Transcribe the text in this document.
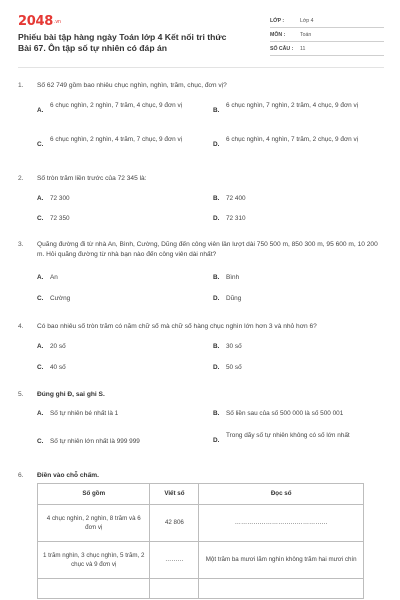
$2048^{.vn}$
Phiếu bài tập hàng ngày Toán lớp 4 Kết nối tri thức Bài 67. Ôn tập số tự nhiên có đáp án
LỚP :	Lớp 4
MÔN :	Toán
SỐ CÂU :	11
1. Số 62 749 gồm bao nhiêu chục nghìn, nghìn, trăm, chục, đơn vị?
A.
6 chục nghìn, 2 nghìn, 7 trăm, 4 chục, 9 đơn vị
B.
6 chục nghìn, 7 nghìn, 2 trăm, 4 chục, 9 đơn vị
C.
6 chục nghìn, 2 nghìn, 4 trăm, 7 chục, 9 đơn vị
D.
6 chục nghìn, 4 nghìn, 7 trăm, 2 chục, 9 đơn vị
2. Số tròn trăm liền trước của 72 345 là:
A. 72 300	B. 72 400
C. 72 350	D. 72 310
3. Quãng đường đi từ nhà An, Bình, Cường, Dũng đến công viên lần lượt dài 750 500 m, 850 300 m, 95 600 m, 10 200 m. Hỏi quãng đường từ nhà bạn nào đến công viên dài nhất?
A. An	B. Bình
C. Cường	D. Dũng
4. Có bao nhiêu số tròn trăm có năm chữ số mà chữ số hàng chục nghìn lớn hơn 3 và nhỏ hơn 6?
A. 20 số	B. 30 số
C. 40 số	D. 50 số
5. Đúng ghi Đ, sai ghi S.
A. Số tự nhiên bé nhất là 1	B. Số liền sau của số 500 000 là số 500 001
C. Số tự nhiên lớn nhất là 999 999	D.
Trong dãy số tự nhiên không có số lớn nhất
6. Điền vào chỗ chấm.
Số gồm	Viết số	Đọc số
4 chục nghìn, 2 nghìn, 8 trăm và 6 đơn vị	42 806	………………………………………
1 trăm nghìn, 3 chục nghìn, 5 trăm, 2 chục và 9 đơn vị	………	Một trăm ba mươi lăm nghìn không trăm hai mươi chín
